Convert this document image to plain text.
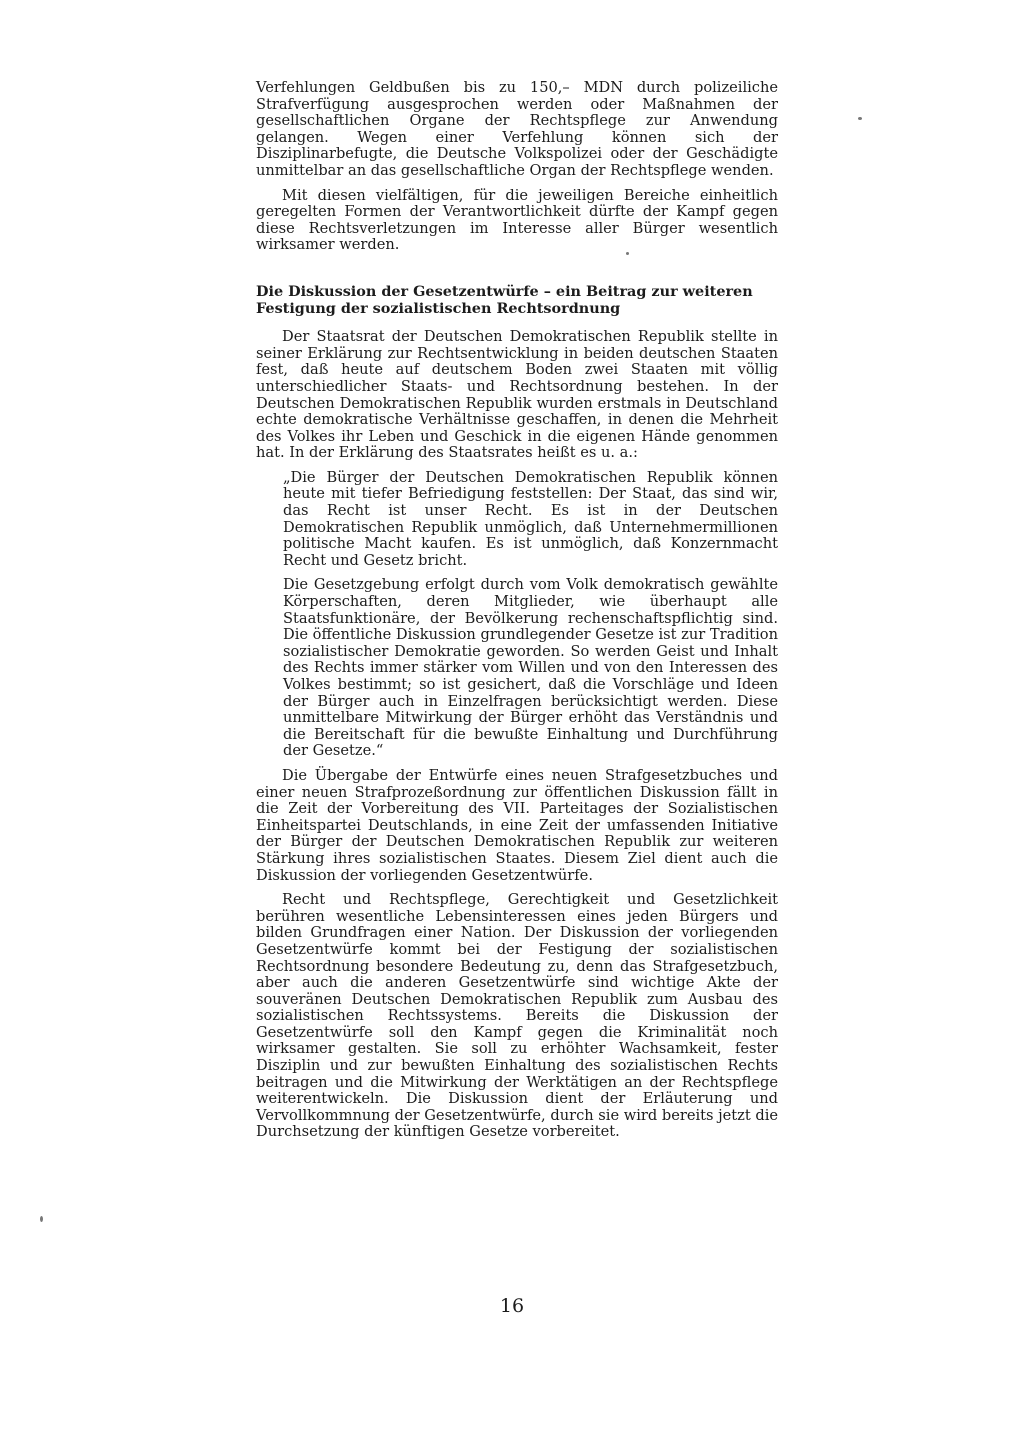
Verfehlungen Geldbußen bis zu 150,– MDN durch polizeiliche Strafverfügung ausgesprochen werden oder Maßnahmen der gesellschaftlichen Organe der Rechtspflege zur Anwendung gelangen. Wegen einer Verfehlung können sich der Disziplinarbefugte, die Deutsche Volkspolizei oder der Geschädigte unmittelbar an das gesellschaftliche Organ der Rechtspflege wenden.

Mit diesen vielfältigen, für die jeweiligen Bereiche einheitlich geregelten Formen der Verantwortlichkeit dürfte der Kampf gegen diese Rechtsverletzungen im Interesse aller Bürger wesentlich wirksamer werden.

Die Diskussion der Gesetzentwürfe – ein Beitrag zur weiteren Festigung der sozialistischen Rechtsordnung

Der Staatsrat der Deutschen Demokratischen Republik stellte in seiner Erklärung zur Rechtsentwicklung in beiden deutschen Staaten fest, daß heute auf deutschem Boden zwei Staaten mit völlig unterschiedlicher Staats- und Rechtsordnung bestehen. In der Deutschen Demokratischen Republik wurden erstmals in Deutschland echte demokratische Verhältnisse geschaffen, in denen die Mehrheit des Volkes ihr Leben und Geschick in die eigenen Hände genommen hat. In der Erklärung des Staatsrates heißt es u. a.:

„Die Bürger der Deutschen Demokratischen Republik können heute mit tiefer Befriedigung feststellen: Der Staat, das sind wir, das Recht ist unser Recht. Es ist in der Deutschen Demokratischen Republik unmöglich, daß Unternehmermillionen politische Macht kaufen. Es ist unmöglich, daß Konzernmacht Recht und Gesetz bricht.

Die Gesetzgebung erfolgt durch vom Volk demokratisch gewählte Körperschaften, deren Mitglieder, wie überhaupt alle Staatsfunktionäre, der Bevölkerung rechenschaftspflichtig sind. Die öffentliche Diskussion grundlegender Gesetze ist zur Tradition sozialistischer Demokratie geworden. So werden Geist und Inhalt des Rechts immer stärker vom Willen und von den Interessen des Volkes bestimmt; so ist gesichert, daß die Vorschläge und Ideen der Bürger auch in Einzelfragen berücksichtigt werden. Diese unmittelbare Mitwirkung der Bürger erhöht das Verständnis und die Bereitschaft für die bewußte Einhaltung und Durchführung der Gesetze.“

Die Übergabe der Entwürfe eines neuen Strafgesetzbuches und einer neuen Strafprozeßordnung zur öffentlichen Diskussion fällt in die Zeit der Vorbereitung des VII. Parteitages der Sozialistischen Einheitspartei Deutschlands, in eine Zeit der umfassenden Initiative der Bürger der Deutschen Demokratischen Republik zur weiteren Stärkung ihres sozialistischen Staates. Diesem Ziel dient auch die Diskussion der vorliegenden Gesetzentwürfe.

Recht und Rechtspflege, Gerechtigkeit und Gesetzlichkeit berühren wesentliche Lebensinteressen eines jeden Bürgers und bilden Grundfragen einer Nation. Der Diskussion der vorliegenden Gesetzentwürfe kommt bei der Festigung der sozialistischen Rechtsordnung besondere Bedeutung zu, denn das Strafgesetzbuch, aber auch die anderen Gesetzentwürfe sind wichtige Akte der souveränen Deutschen Demokratischen Republik zum Ausbau des sozialistischen Rechtssystems. Bereits die Diskussion der Gesetzentwürfe soll den Kampf gegen die Kriminalität noch wirksamer gestalten. Sie soll zu erhöhter Wachsamkeit, fester Disziplin und zur bewußten Einhaltung des sozialistischen Rechts beitragen und die Mitwirkung der Werktätigen an der Rechtspflege weiterentwickeln. Die Diskussion dient der Erläuterung und Vervollkommnung der Gesetzentwürfe, durch sie wird bereits jetzt die Durchsetzung der künftigen Gesetze vorbereitet.

16
